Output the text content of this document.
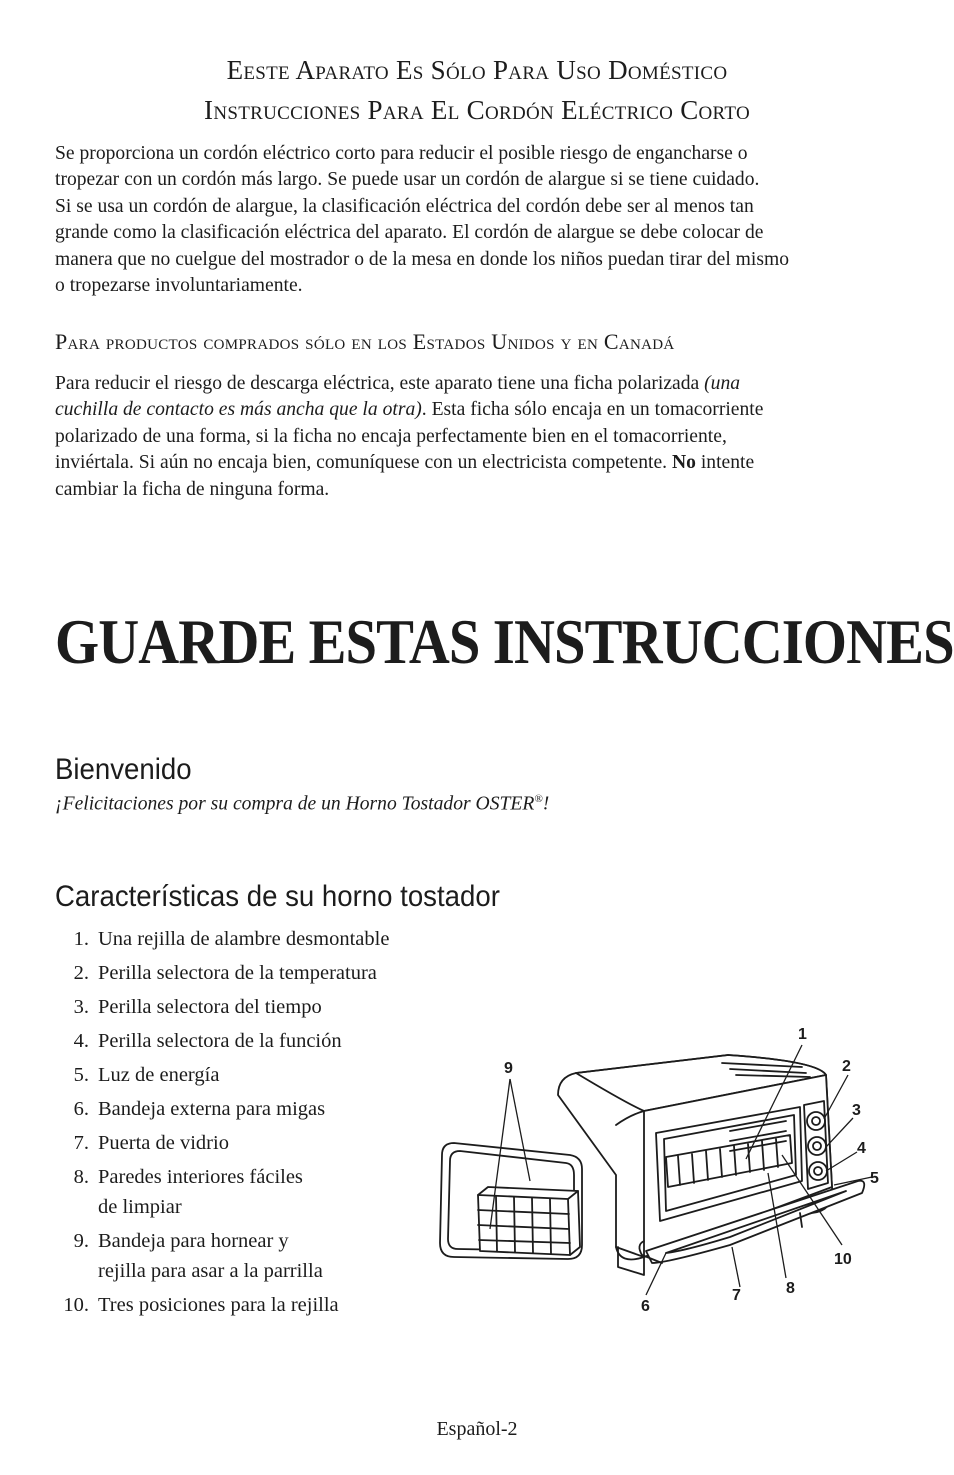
Eeste Aparato Es Sólo Para Uso Doméstico
Instrucciones Para El Cordón Eléctrico Corto
Se proporciona un cordón eléctrico corto para reducir el posible riesgo de engancharse o
tropezar con un cordón más largo. Se puede usar un cordón de alargue si se tiene cuidado.
Si se usa un cordón de alargue, la clasificación eléctrica del cordón debe ser al menos tan
grande como la clasificación eléctrica del aparato. El cordón de alargue se debe colocar de
manera que no cuelgue del mostrador o de la mesa en donde los niños puedan tirar del mismo
o tropezarse involuntariamente.
Para productos comprados sólo en los Estados Unidos y en Canadá
Para reducir el riesgo de descarga eléctrica, este aparato tiene una ficha polarizada (una
cuchilla de contacto es más ancha que la otra). Esta ficha sólo encaja en un tomacorriente
polarizado de una forma, si la ficha no encaja perfectamente bien en el tomacorriente,
inviértala. Si aún no encaja bien, comuníquese con un electricista competente. No intente
cambiar la ficha de ninguna forma.
GUARDE ESTAS INSTRUCCIONES
Bienvenido

¡Felicitaciones por su compra de un Horno Tostador OSTER®!

Características de su horno tostador
1. Una rejilla de alambre desmontable
2. Perilla selectora de la temperatura
3. Perilla selectora del tiempo
4. Perilla selectora de la función
5. Luz de energía
6. Bandeja externa para migas
7. Puerta de vidrio
8. Paredes interiores fáciles
de limpiar
9. Bandeja para hornear y
rejilla para asar a la parrilla
10. Tres posiciones para la rejilla
1
2
3
4
5
6
7	8
9
10

Español-2
